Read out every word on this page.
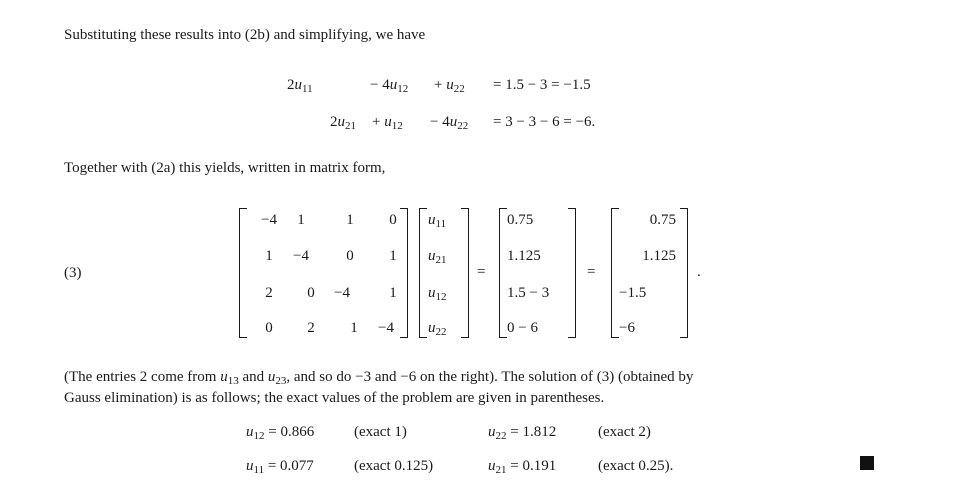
Substituting these results into (2b) and simplifying, we have
$2u_{11}$	− $4u_{12} + u_{22} = 1.5 - 3 = -1.5$
$2u_{21} + u_{12} - 4u_{22} = 3 - 3 - 6 = -6$.
Together with (2a) this yields, written in matrix form,
(3)
−4	1	1	0
1	−4	0	1
2	0	−4	1
0	2	1	−4
$u_{11}$
$u_{21}$
$u_{12}$
$u_{22}$
=
0.75
1.125
1.5 − 3
0 − 6
=
0.75
1.125
−1.5
−6
.
(The entries 2 come from $u_{13}$ and $u_{23}$, and so do −3 and −6 on the right). The solution of (3) (obtained by
Gauss elimination) is as follows; the exact values of the problem are given in parentheses.
$u_{12} = 0.866$	(exact 1)	$u_{22} = 1.812$	(exact 2)
$u_{11} = 0.077$	(exact 0.125)	$u_{21} = 0.191$	(exact 0.25).
